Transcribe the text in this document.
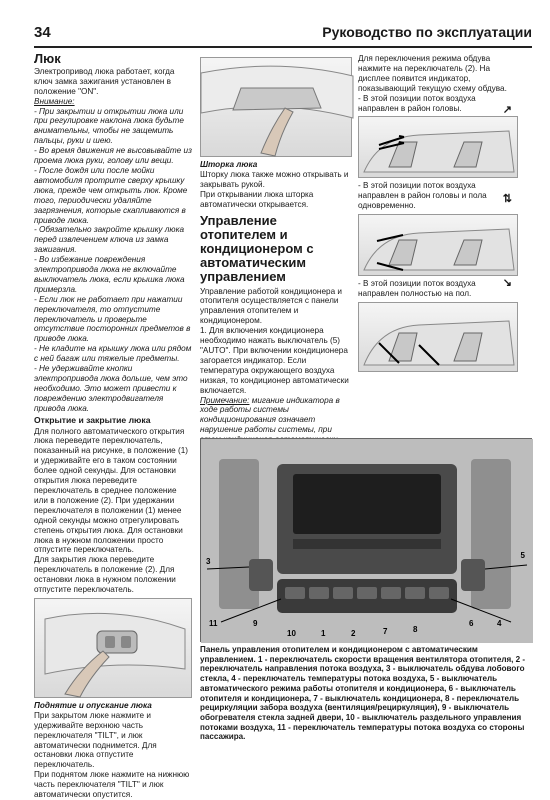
34	Руководство по эксплуатации
Люк

Электропривод люка работает, когда ключ замка зажигания установлен в положение "ON".

Внимание:

- При закрытии и открытии люка или при регулировке наклона люка будьте внимательны, чтобы не защемить пальцы, руки и шею.

- Во время движения не высовывайте из проема люка руки, голову или вещи.

- После дождя или после мойки автомобиля протрите сверху крышку люка, прежде чем открыть люк. Кроме того, периодически удаляйте загрязнения, которые скапливаются в приводе люка.

- Обязательно закройте крышку люка перед извлечением ключа из замка зажигания.

- Во избежание повреждения электропривода люка не включайте выключатель люка, если крышка люка примерзла.

- Если люк не работает при нажатии переключателя, то отпустите переключатель и проверьте отсутствие посторонних предметов в приводе люка.

- Не кладите на крышку люка или рядом с ней багаж или тяжелые предметы.

- Не удерживайте кнопки электропривода люка дольше, чем это необходимо. Это может привести к повреждению электродвигателя привода люка.

Открытие и закрытие люка

Для полного автоматического открытия люка переведите переключатель, показанный на рисунке, в положение (1) и удерживайте его в таком состоянии более одной секунды. Для остановки открытия люка переведите переключатель в среднее положение или в положение (2). При удержании переключателя в положении (1) менее одной секунды можно отрегулировать степень открытия люка. Для остановки люка в нужном положении просто отпустите переключатель.

Для закрытия люка переведите переключатель в положение (2). Для остановки люка в нужном положении отпустите переключатель.

Поднятие и опускание люка

При закрытом люке нажмите и удерживайте верхнюю часть переключателя "TILT", и люк автоматически поднимется. Для остановки люка отпустите переключатель.

При поднятом люке нажмите на нижнюю часть переключателя "TILT" и люк автоматически опустится.

Шторка люка

Шторку люка также можно открывать и закрывать рукой.

При открывании люка шторка автоматически открывается.

Управление отопителем и кондиционером с автоматическим управлением

Управление работой кондиционера и отопителя осуществляется с панели управления отопителем и кондиционером.

1. Для включения кондиционера необходимо нажать выключатель (5) "AUTO". При включении кондиционера загорается индикатор. Если температура окружающего воздуха низкая, то кондиционер автоматически включается.

Примечание: мигание индикатора в ходе работы системы кондиционирования означает нарушение работы системы, при

Для переключения режима обдува нажмите на переключатель (2). На дисплее появится индикатор, показывающий текущую схему обдува.

- В этой позиции поток воздуха направлен в район головы.	↗

- В этой позиции поток воздуха направлен в район головы и пола одновременно.

⇅

- В этой позиции поток воздуха направлен полностью на пол.

↘
3
5
11	9
10	1	2	7	8
6	4

Панель управления отопителем и кондиционером с автоматическим управлением. 1 - переключатель скорости вращения вентилятора отопителя, 2 - переключатель направления потока воздуха, 3 - выключатель обдува лобового стекла, 4 - переключатель температуры потока воздуха, 5 - выключатель автоматического режима работы отопителя и кондиционера, 6 - выключатель отопителя и кондиционера, 7 - выключатель кондиционера, 8 - переключатель рециркуляции забора воздуха (вентиляция/рециркуляция), 9 - выключатель обогревателя стекла задней двери, 10 - выключатель раздельного управления потоками воздуха, 11 - переключатель температуры потока воздуха со стороны пассажира.
